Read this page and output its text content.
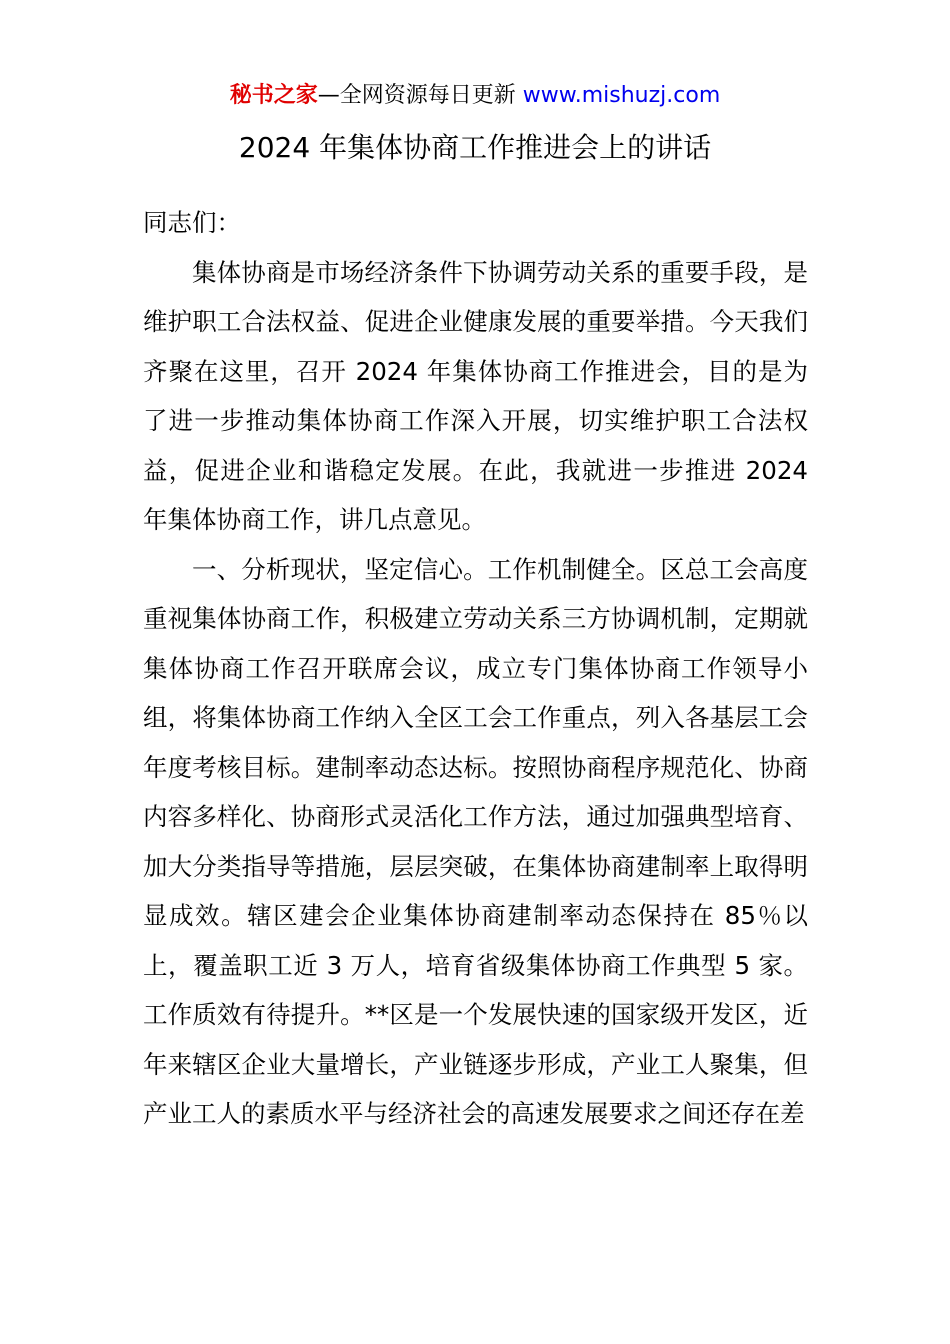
秘书之家—全网资源每日更新 www.mishuzj.com
2024 年集体协商工作推进会上的讲话

同志们：

集体协商是市场经济条件下协调劳动关系的重要手段，是维护职工合法权益、促进企业健康发展的重要举措。今天我们齐聚在这里，召开 2024 年集体协商工作推进会，目的是为了进一步推动集体协商工作深入开展，切实维护职工合法权益，促进企业和谐稳定发展。在此，我就进一步推进 2024 年集体协商工作，讲几点意见。

一、分析现状，坚定信心。工作机制健全。区总工会高度重视集体协商工作，积极建立劳动关系三方协调机制，定期就集体协商工作召开联席会议，成立专门集体协商工作领导小组，将集体协商工作纳入全区工会工作重点，列入各基层工会年度考核目标。建制率动态达标。按照协商程序规范化、协商内容多样化、协商形式灵活化工作方法，通过加强典型培育、加大分类指导等措施，层层突破，在集体协商建制率上取得明显成效。辖区建会企业集体协商建制率动态保持在 85％以上，覆盖职工近 3 万人，培育省级集体协商工作典型 5 家。工作质效有待提升。**区是一个发展快速的国家级开发区，近年来辖区企业大量增长，产业链逐步形成，产业工人聚集，但产业工人的素质水平与经济社会的高速发展要求之间还存在差
